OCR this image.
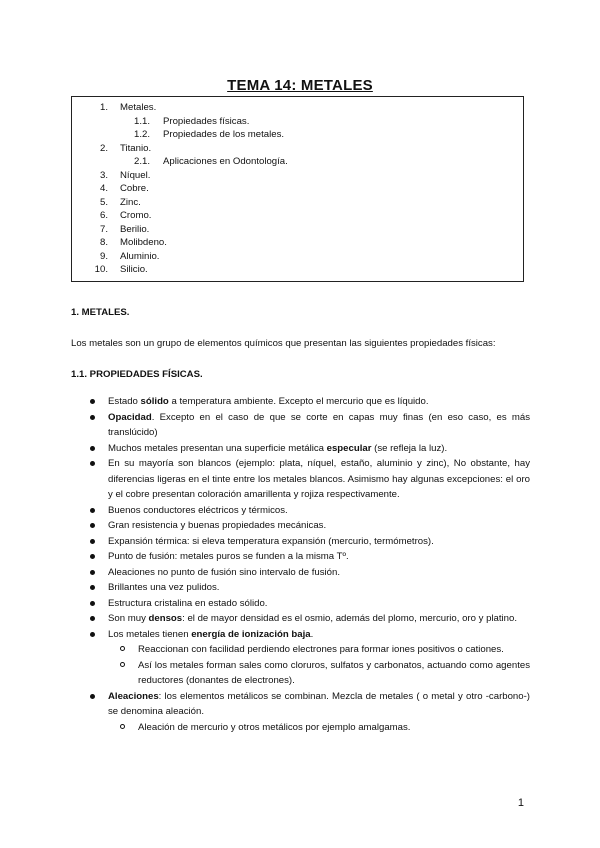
TEMA 14: METALES
1. Metales.
1.1. Propiedades físicas.
1.2. Propiedades de los metales.
2. Titanio.
2.1. Aplicaciones en Odontología.
3. Níquel.
4. Cobre.
5. Zinc.
6. Cromo.
7. Berilio.
8. Molibdeno.
9. Aluminio.
10. Silicio.
1. METALES.
Los metales son un grupo de elementos químicos que presentan las siguientes propiedades físicas:
1.1. PROPIEDADES FÍSICAS.
Estado sólido a temperatura ambiente. Excepto el mercurio que es líquido.
Opacidad. Excepto en el caso de que se corte en capas muy finas (en eso caso, es más translúcido)
Muchos metales presentan una superficie metálica especular (se refleja la luz).
En su mayoría son blancos (ejemplo: plata, níquel, estaño, aluminio y zinc), No obstante, hay diferencias ligeras en el tinte entre los metales blancos. Asimismo hay algunas excepciones: el oro y el cobre presentan coloración amarillenta y rojiza respectivamente.
Buenos conductores eléctricos y térmicos.
Gran resistencia y buenas propiedades mecánicas.
Expansión térmica: si eleva temperatura expansión (mercurio, termómetros).
Punto de fusión: metales puros se funden a la misma Tº.
Aleaciones no punto de fusión sino intervalo de fusión.
Brillantes una vez pulidos.
Estructura cristalina en estado sólido.
Son muy densos: el de mayor densidad es el osmio, además del plomo, mercurio, oro y platino.
Los metales tienen energía de ionización baja.
Reaccionan con facilidad perdiendo electrones para formar iones positivos o cationes.
Así los metales forman sales como cloruros, sulfatos y carbonatos, actuando como agentes reductores (donantes de electrones).
Aleaciones: los elementos metálicos se combinan. Mezcla de metales ( o metal y otro -carbono-) se denomina aleación.
Aleación de mercurio y otros metálicos por ejemplo amalgamas.
1
